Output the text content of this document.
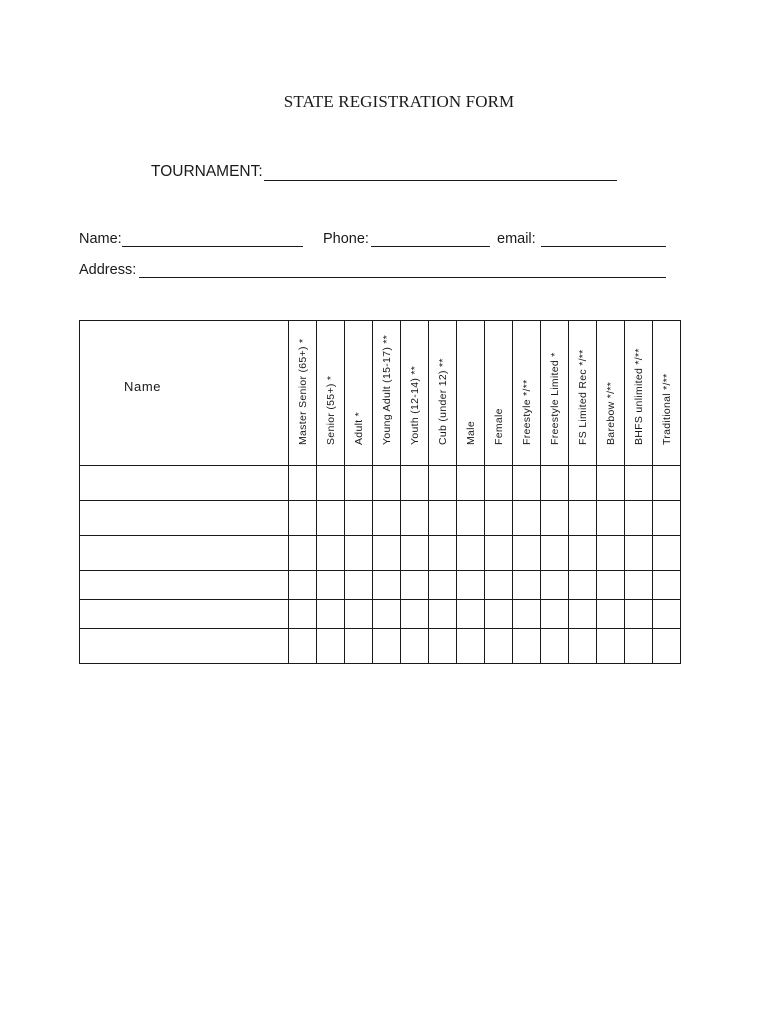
STATE REGISTRATION FORM
TOURNAMENT:
Name:	Phone:	email:
Address:
Name	Master Senior (65+) *	Senior (55+) *	Adult *	Young Adult (15-17) **	Youth (12-14) **	Cub (under 12) **	Male	Female	Freestyle */**	Freestyle Limited *	FS Limited Rec */**	Barebow */**	BHFS unlimited */**	Traditional */**
